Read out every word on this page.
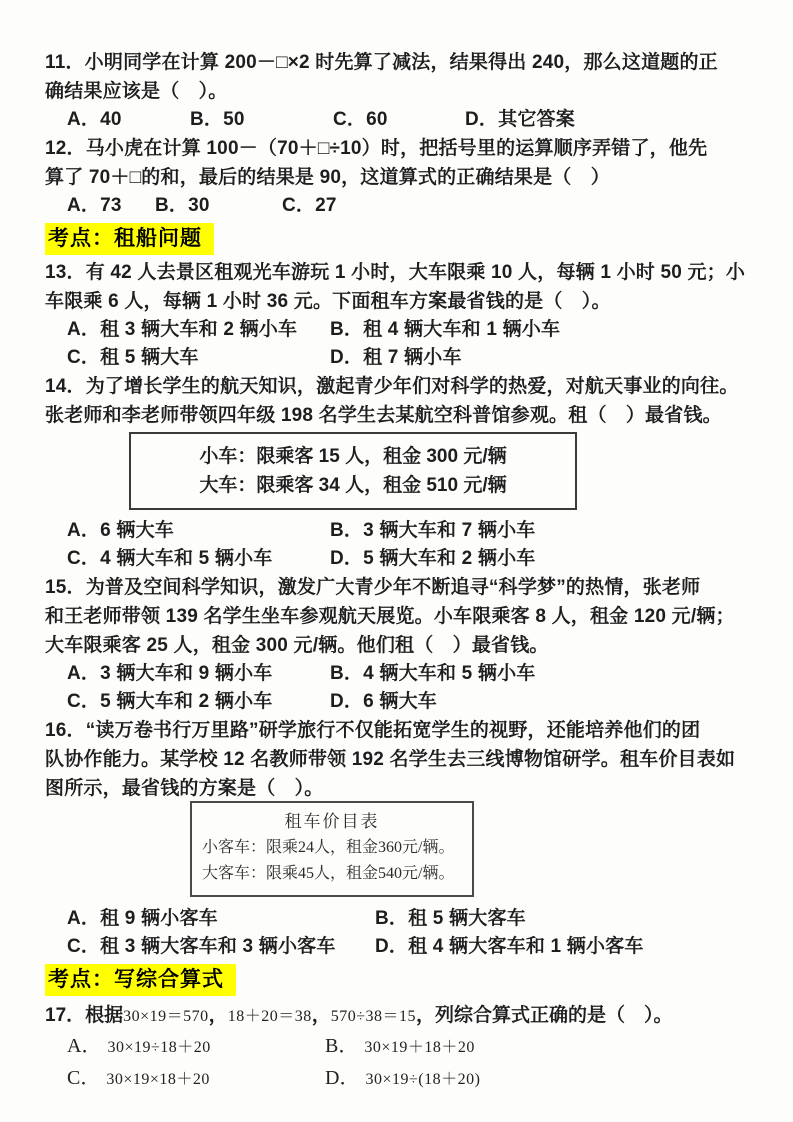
11．小明同学在计算 200－□×2 时先算了减法，结果得出 240，那么这道题的正
确结果应该是（　）。
A．40	B．50	C．60	D．其它答案
12．马小虎在计算 100－（70＋□÷10）时，把括号里的运算顺序弄错了，他先
算了 70＋□的和，最后的结果是 90，这道算式的正确结果是（　）
A．73	B．30	C．27
考点：租船问题
13．有 42 人去景区租观光车游玩 1 小时，大车限乘 10 人，每辆 1 小时 50 元；小
车限乘 6 人，每辆 1 小时 36 元。下面租车方案最省钱的是（　）。
A．租 3 辆大车和 2 辆小车	B．租 4 辆大车和 1 辆小车
C．租 5 辆大车	D．租 7 辆小车
14．为了增长学生的航天知识，激起青少年们对科学的热爱，对航天事业的向往。
张老师和李老师带领四年级 198 名学生去某航空科普馆参观。租（　）最省钱。
小车：限乘客 15 人，租金 300 元/辆
大车：限乘客 34 人，租金 510 元/辆
A．6 辆大车	B．3 辆大车和 7 辆小车
C．4 辆大车和 5 辆小车	D．5 辆大车和 2 辆小车
15．为普及空间科学知识，激发广大青少年不断追寻“科学梦”的热情，张老师
和王老师带领 139 名学生坐车参观航天展览。小车限乘客 8 人，租金 120 元/辆；
大车限乘客 25 人，租金 300 元/辆。他们租（　）最省钱。
A．3 辆大车和 9 辆小车	B．4 辆大车和 5 辆小车
C．5 辆大车和 2 辆小车	D．6 辆大车
16．“读万卷书行万里路”研学旅行不仅能拓宽学生的视野，还能培养他们的团
队协作能力。某学校 12 名教师带领 192 名学生去三线博物馆研学。租车价目表如
图所示，最省钱的方案是（　）。
租车价目表
小客车：限乘24人，租金360元/辆。
大客车：限乘45人，租金540元/辆。
A．租 9 辆小客车	B．租 5 辆大客车
C．租 3 辆大客车和 3 辆小客车	D．租 4 辆大客车和 1 辆小客车
考点：写综合算式
17．根据30×19＝570，18＋20＝38，570÷38＝15，列综合算式正确的是（　）。
A． 30×19÷18＋20	B． 30×19＋18＋20
C． 30×19×18＋20	D． 30×19÷(18＋20)
